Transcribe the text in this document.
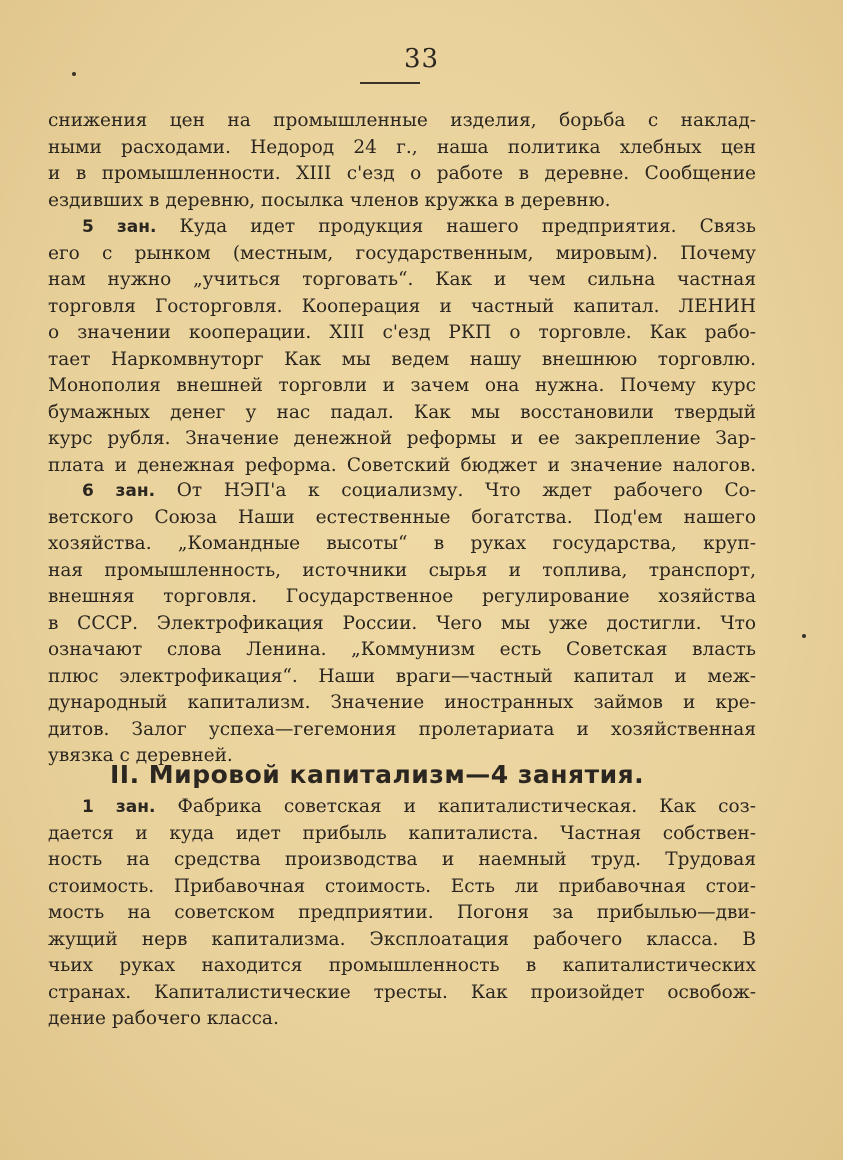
33
снижения цен на промышленные изделия, борьба с наклад-
ными расходами. Недород 24 г., наша политика хлебных цен
и в промышленности. XIII с'езд о работе в деревне. Сообщение
ездивших в деревню, посылка членов кружка в деревню.
5 зан. Куда идет продукция нашего предприятия. Связь
его с рынком (местным, государственным, мировым). Почему
нам нужно „учиться торговать“. Как и чем сильна частная
торговля Госторговля. Кооперация и частный капитал. ЛЕНИН
о значении кооперации. XIII с'езд РКП о торговле. Как рабо-
тает Наркомвнуторг Как мы ведем нашу внешнюю торговлю.
Монополия внешней торговли и зачем она нужна. Почему курс
бумажных денег у нас падал. Как мы восстановили твердый
курс рубля. Значение денежной реформы и ее закрепление Зар-
плата и денежная реформа. Советский бюджет и значение налогов.
6 зан. От НЭП'а к социализму. Что ждет рабочего Со-
ветского Союза Наши естественные богатства. Под'ем нашего
хозяйства. „Командные высоты“ в руках государства, круп-
ная промышленность, источники сырья и топлива, транспорт,
внешняя торговля. Государственное регулирование хозяйства
в СССР. Электрофикация России. Чего мы уже достигли. Что
означают слова Ленина. „Коммунизм есть Советская власть
плюс электрофикация“. Наши враги—частный капитал и меж-
дународный капитализм. Значение иностранных займов и кре-
дитов. Залог успеха—гегемония пролетариата и хозяйственная
увязка с деревней.
II. Мировой капитализм—4 занятия.
1 зан. Фабрика советская и капиталистическая. Как соз-
дается и куда идет прибыль капиталиста. Частная собствен-
ность на средства производства и наемный труд. Трудовая
стоимость. Прибавочная стоимость. Есть ли прибавочная стои-
мость на советском предприятии. Погоня за прибылью—дви-
жущий нерв капитализма. Эксплоатация рабочего класса. В
чьих руках находится промышленность в капиталистических
странах. Капиталистические тресты. Как произойдет освобож-
дение рабочего класса.
